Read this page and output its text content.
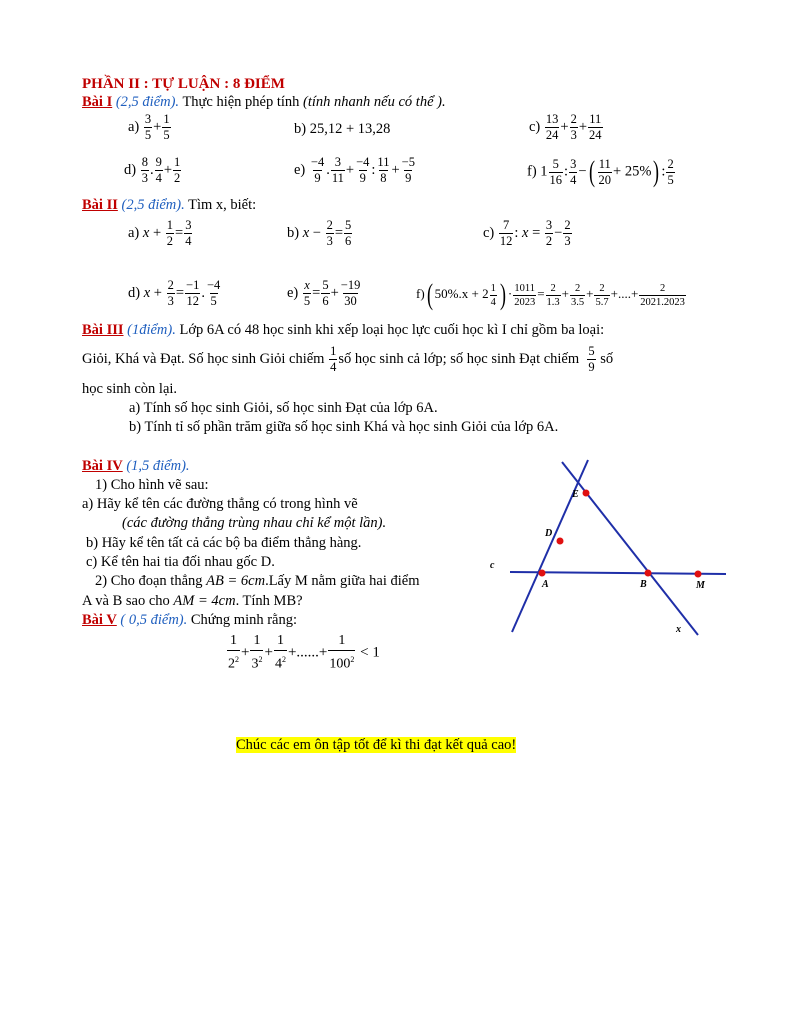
PHẦN II : TỰ LUẬN : 8 ĐIỂM
Bài I (2,5 điểm). Thực hiện phép tính (tính nhanh nếu có thể ).
$a) \frac{3}{5} + \frac{1}{5}$	b) 25,12 + 13,28	$c) \frac{13}{24} + \frac{2}{3} + \frac{11}{24}$
$d) \frac{8}{3}$ . $\frac{9}{4} + \frac{1}{2}$	$e) \frac{-4}{9}$ . $\frac{3}{11} + \frac{-4}{9}$ : $\frac{11}{8} + \frac{-5}{9}$	f) $1 \frac{5}{16}$ : $\frac{3}{4}$ −( $\frac{11}{20} + 25\%$) : $\frac{2}{5}$
Bài II (2,5 điểm). Tìm x, biết:
a) $x + \frac{1}{2} = \frac{3}{4}$	b) $x - \frac{2}{3} = \frac{5}{6}$	$c) \frac{7}{12}$ : $x = \frac{3}{2} - \frac{2}{3}$
d) $x + \frac{2}{3} = \frac{-1}{12}$ . $\frac{-4}{5}$	$e) \frac{x}{5} = \frac{5}{6} + \frac{-19}{30}$	f)( $50\%.x + 2 \frac{1}{4}$ ) · $\frac{1011}{2023} = \frac{2}{1.3} + \frac{2}{3.5} + \frac{2}{5.7}$ +....+ $\frac{2}{2021.2023}$
Bài III (1điểm). Lớp 6A có 48 học sinh khi xếp loại học lực cuối học kì I chỉ gồm ba loại:
Giỏi, Khá và Đạt. Số học sinh Giỏi chiếm $\frac{1}{4}$ số học sinh cả lớp; số học sinh Đạt chiếm $\frac{5}{9}$ số
học sinh còn lại.
a) Tính số học sinh Giỏi, số học sinh Đạt của lớp 6A.
b) Tính tỉ số phần trăm giữa số học sinh Khá và học sinh Giỏi của lớp 6A.
Bài IV (1,5 điểm).
1) Cho hình vẽ sau:
a) Hãy kể tên các đường thẳng có trong hình vẽ
(các đường thẳng trùng nhau chỉ kể một lần).
b) Hãy kể tên tất cả các bộ ba điểm thẳng hàng.
c) Kể tên hai tia đối nhau gốc D.
2) Cho đoạn thẳng AB = 6cm.Lấy M nằm giữa hai điểm
A và B sao cho AM = 4cm. Tính MB?
Bài V ( 0,5 điểm). Chứng minh rằng:
$\frac{1}{2^2} + \frac{1}{3^2} + \frac{1}{4^2}$ +......+ $\frac{1}{100^2} < 1$
E
D
A	B	M
c
x
Chúc các em ôn tập tốt để kì thi đạt kết quả cao!
